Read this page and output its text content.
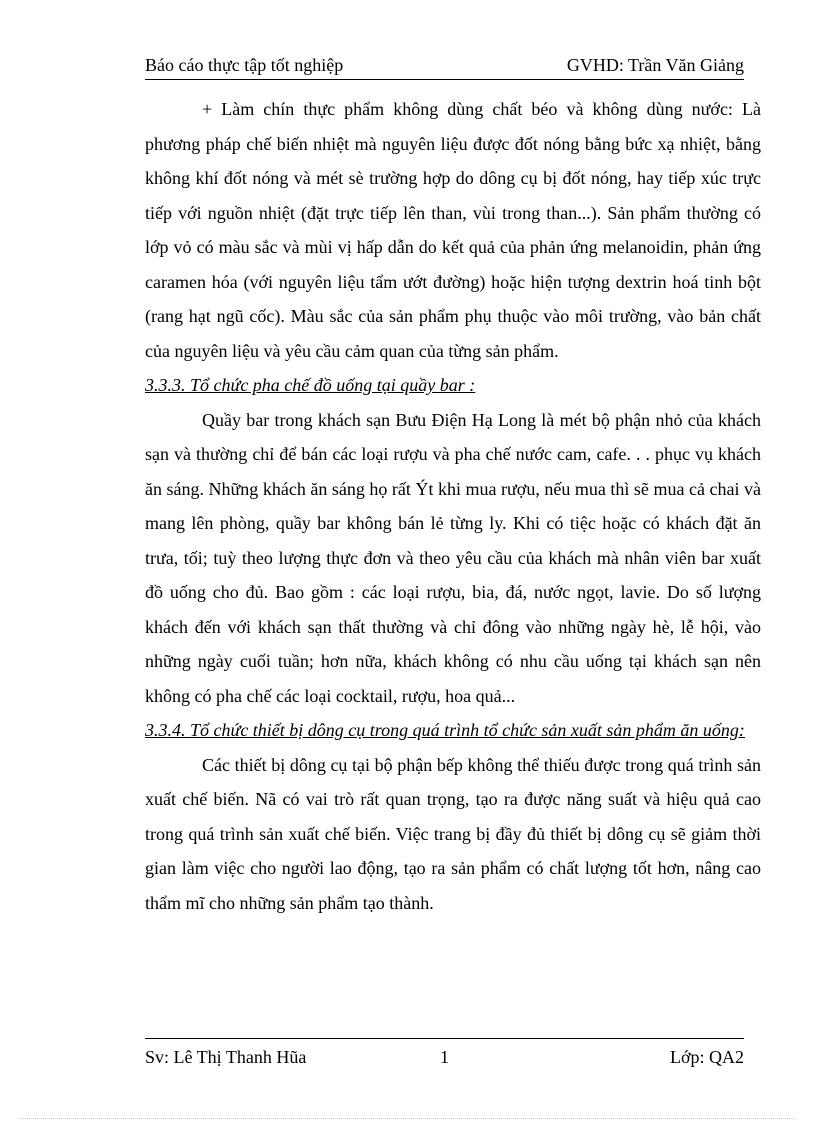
Báo cáo thực tập tốt nghiệp	GVHD: Trần Văn Giảng

+ Làm chín thực phẩm không dùng chất béo và không dùng nước: Là phương pháp chế biến nhiệt mà nguyên liệu được đốt nóng bằng bức xạ nhiệt, bằng không khí đốt nóng và mét sè trường hợp do dông cụ bị đốt nóng, hay tiếp xúc trực tiếp với nguồn nhiệt (đặt trực tiếp lên than, vùi trong than...). Sản phẩm thường có lớp vỏ có màu sắc và mùi vị hấp dẫn do kết quả của phản ứng melanoidin, phản ứng caramen hóa (với nguyên liệu tẩm ướt đường) hoặc hiện tượng dextrin hoá tinh bột (rang hạt ngũ cốc). Màu sắc của sản phẩm phụ thuộc vào môi trường, vào bản chất của nguyên liệu và yêu cầu cảm quan của từng sản phẩm.

3.3.3. Tổ chức pha chế đồ uống tại quầy bar :

Quầy bar trong khách sạn Bưu Điện Hạ Long là mét bộ phận nhỏ của khách sạn và thường chỉ để bán các loại rượu và pha chế nước cam, cafe. . . phục vụ khách ăn sáng. Những khách ăn sáng họ rất Ýt khi mua rượu, nếu mua thì sẽ mua cả chai và mang lên phòng, quầy bar không bán lẻ từng ly. Khi có tiệc hoặc có khách đặt ăn trưa, tối; tuỳ theo lượng thực đơn và theo yêu cầu của khách mà nhân viên bar xuất đồ uống cho đủ. Bao gồm : các loại rượu, bia, đá, nước ngọt, lavie. Do số lượng khách đến với khách sạn thất thường và chỉ đông vào những ngày hè, lễ hội, vào những ngày cuối tuần; hơn nữa, khách không có nhu cầu uống tại khách sạn nên không có pha chế các loại cocktail, rượu, hoa quả...

3.3.4. Tổ chức thiết bị dông cụ trong quá trình tổ chức sản xuất sản phẩm ăn uống:

Các thiết bị dông cụ tại bộ phận bếp không thể thiếu được trong quá trình sản xuất chế biến. Nã có vai trò rất quan trọng, tạo ra được năng suất và hiệu quả cao trong quá trình sản xuất chế biến. Việc trang bị đầy đủ thiết bị dông cụ sẽ giảm thời gian làm việc cho người lao động, tạo ra sản phẩm có chất lượng tốt hơn, nâng cao thẩm mĩ cho những sản phẩm tạo thành.

Sv: Lê Thị Thanh Hũa	1	Lớp: QA2
